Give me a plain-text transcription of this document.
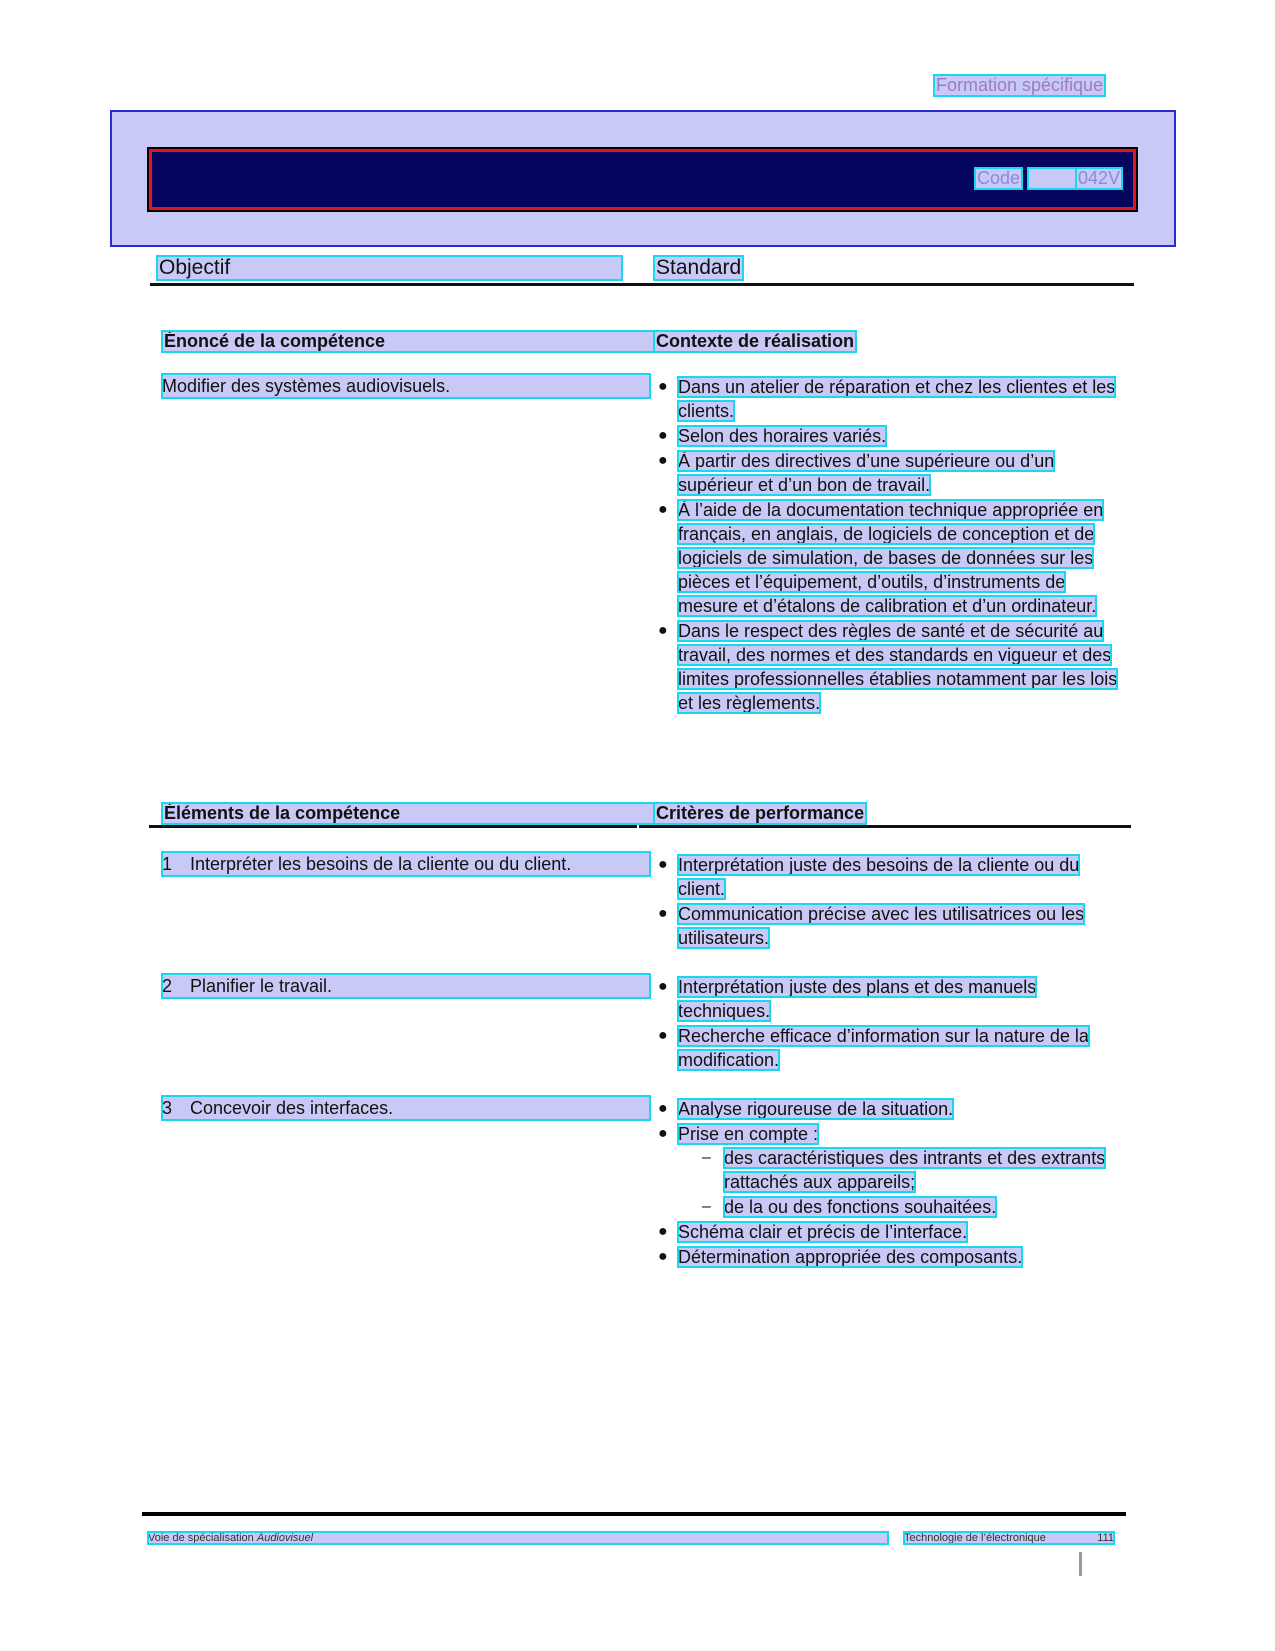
Formation spécifique
Code
	042V
Objectif	Standard
Énoncé de la compétence	Contexte de réalisation
Modifier des systèmes audiovisuels.	● Dans un atelier de réparation et chez les clientes et les clients.
● Selon des horaires variés.
● À partir des directives d’une supérieure ou d’un supérieur et d’un bon de travail.
● À l’aide de la documentation technique appropriée en français, en anglais, de logiciels de conception et de logiciels de simulation, de bases de données sur les pièces et l’équipement, d’outils, d’instruments de mesure et d’étalons de calibration et d’un ordinateur.
● Dans le respect des règles de santé et de sécurité au travail, des normes et des standards en vigueur et des limites professionnelles établies notamment par les lois et les règlements.
Éléments de la compétence	Critères de performance
1 Interpréter les besoins de la cliente ou du client.	● Interprétation juste des besoins de la cliente ou du client.
● Communication précise avec les utilisatrices ou les utilisateurs.
2 Planifier le travail.	● Interprétation juste des plans et des manuels techniques.
● Recherche efficace d’information sur la nature de la modification.
3 Concevoir des interfaces.	● Analyse rigoureuse de la situation.
● Prise en compte :
– des caractéristiques des intrants et des extrants rattachés aux appareils;
– de la ou des fonctions souhaitées.
● Schéma clair et précis de l’interface.
● Détermination appropriée des composants.
Voie de spécialisation Audiovisuel	Technologie de l’électronique	111
